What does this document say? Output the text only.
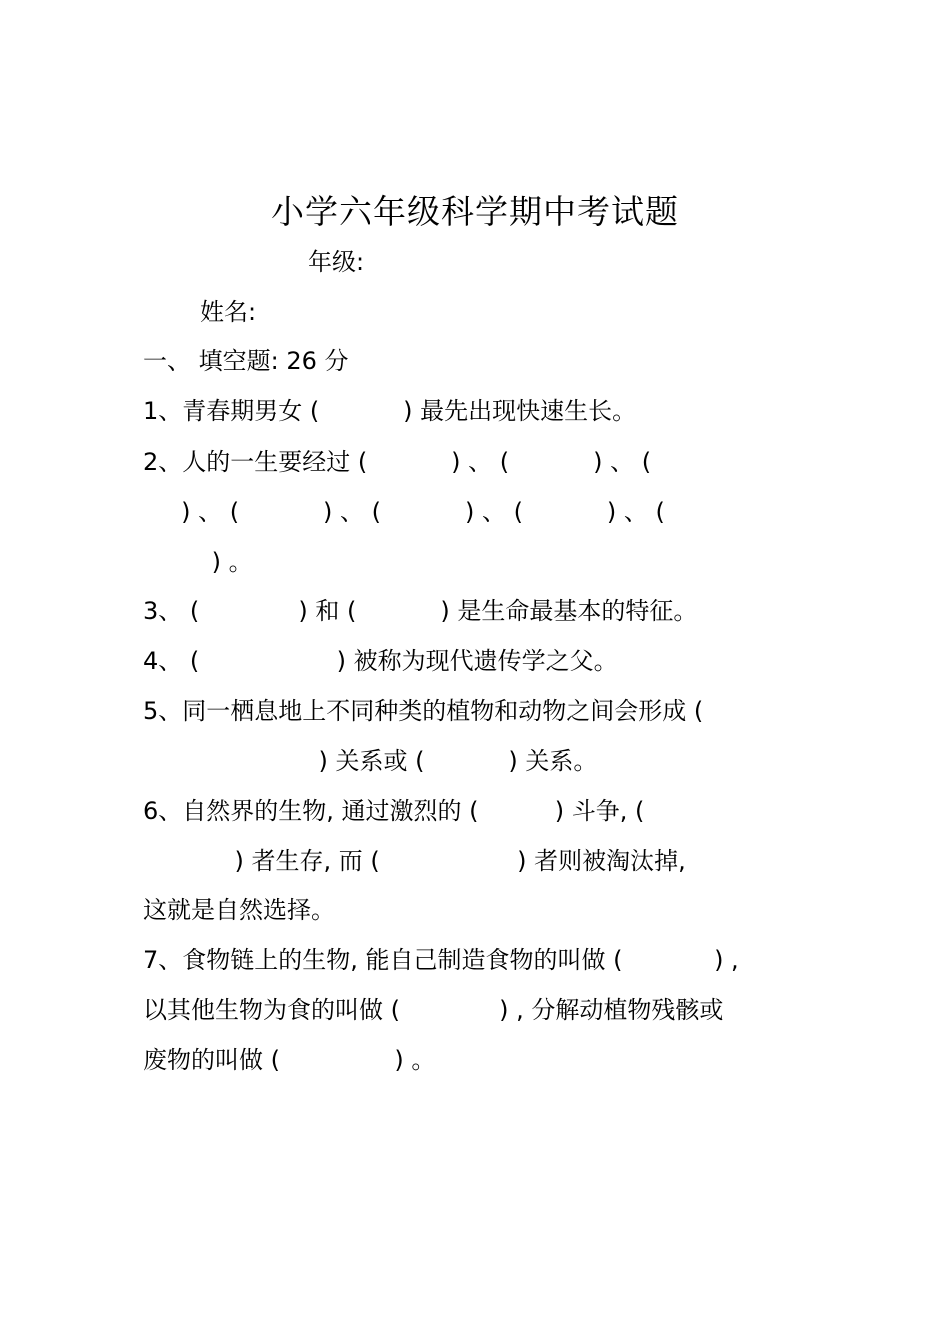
小学六年级科学期中考试题
年级:
姓名:
一、 填空题: 26 分
1、青春期男女 (           ) 最先出现快速生长。
2、人的一生要经过 (           ) 、 (           ) 、 (
) 、 (           ) 、 (           ) 、 (           ) 、 (
) 。
3、 (             ) 和 (           ) 是生命最基本的特征。
4、 (                  ) 被称为现代遗传学之父。
5、同一栖息地上不同种类的植物和动物之间会形成 (
) 关系或 (           ) 关系。
6、自然界的生物, 通过激烈的 (          ) 斗争, (
) 者生存, 而 (                  ) 者则被淘汰掉,
这就是自然选择。
7、食物链上的生物, 能自己制造食物的叫做 (            ) ,
以其他生物为食的叫做 (             ) , 分解动植物残骸或
废物的叫做 (               ) 。
